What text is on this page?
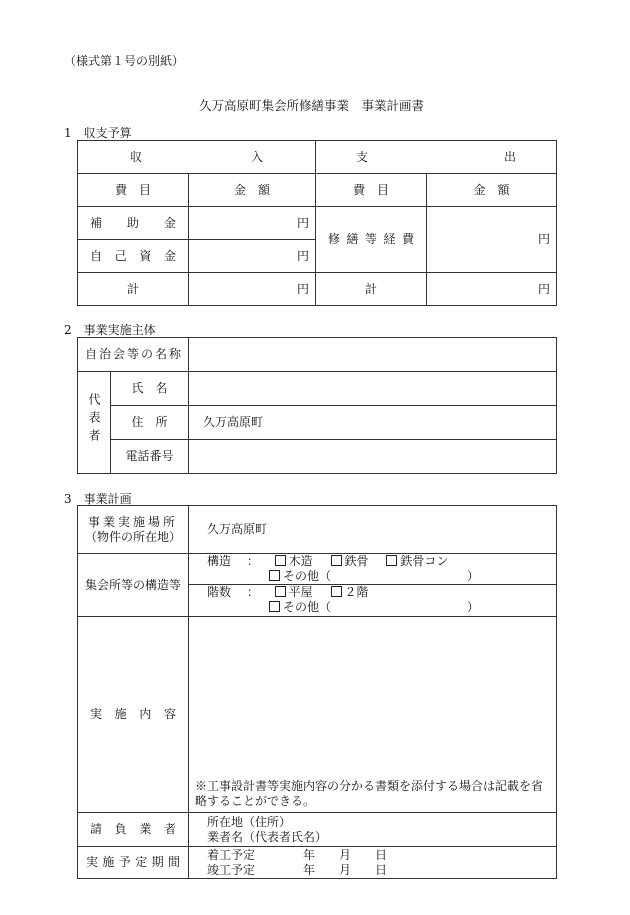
（様式第１号の別紙）
久万高原町集会所修繕事業　事業計画書
1　収支予算
収　入		支　出	

費　目	金　額	費　目	金　額
補　助　金	円	修 繕 等 経 費	円
自　己　資　金	円		
計	円	計	円
2　事業実施主体
自治会等の名称		
代表者	氏　名	
	住　所	久万高原町
	電話番号	
3　事業計画
事業実施場所
（物件の所在地）	久万高原町
集会所等の構造等	構造 ： 木造 鉄骨 鉄骨コン
その他（ ）
階数 ： 平屋 ２階
その他（ ）

実　施　内　容	※工事設計書等実施内容の分かる書類を添付する場合は記載を省略することができる。

請　負　業　者	所在地（住所）
業者名（代表者氏名）

実施予定期間	着工予定 年 月 日
竣工予定 年 月 日
